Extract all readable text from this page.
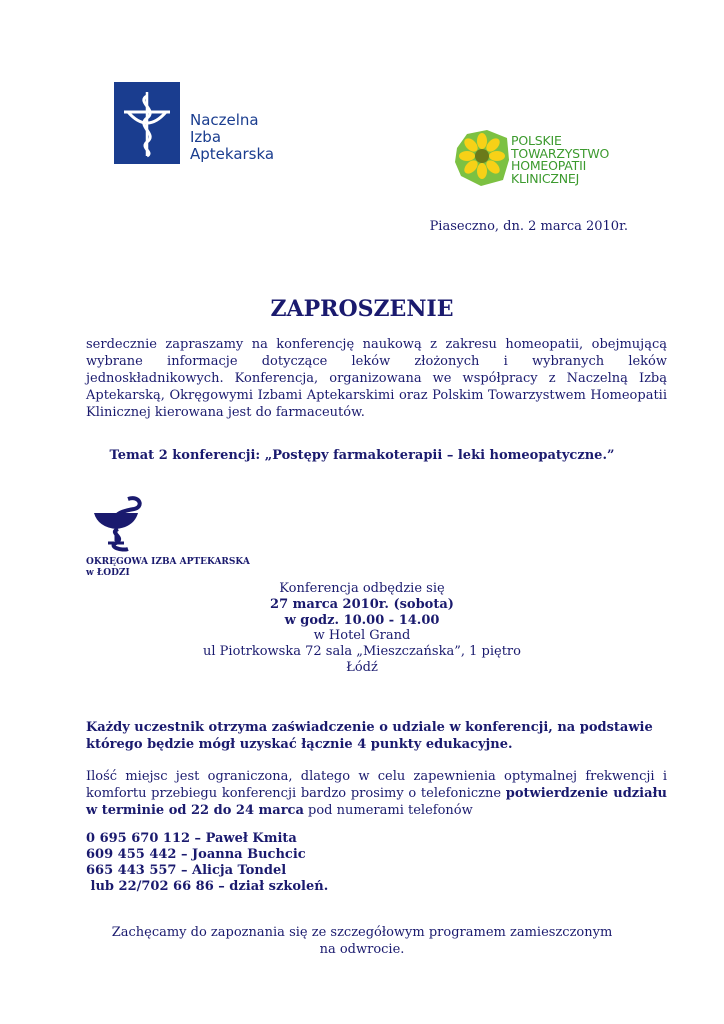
Naczelna
Izba
Aptekarska
POLSKIE
TOWARZYSTWO
HOMEOPATII
KLINICZNEJ
Piaseczno, dn. 2 marca 2010r.
ZAPROSZENIE
serdecznie zapraszamy na konferencję naukową z zakresu homeopatii, obejmującą wybrane informacje dotyczące leków złożonych i wybranych leków jednoskładnikowych. Konferencja, organizowana we współpracy z Naczelną Izbą Aptekarską, Okręgowymi Izbami Aptekarskimi oraz Polskim Towarzystwem Homeopatii Klinicznej kierowana jest do farmaceutów.
Temat 2 konferencji: „Postępy farmakoterapii – leki homeopatyczne.”
OKRĘGOWA IZBA APTEKARSKA
w ŁODZI
Konferencja odbędzie się
27 marca 2010r. (sobota)
w godz. 10.00 - 14.00
w Hotel Grand
ul Piotrkowska 72 sala „Mieszczańska”, 1 piętro
Łódź
Każdy uczestnik otrzyma zaświadczenie o udziale w konferencji, na podstawie którego będzie mógł uzyskać łącznie 4 punkty edukacyjne.
Ilość miejsc jest ograniczona, dlatego w celu zapewnienia optymalnej frekwencji i komfortu przebiegu konferencji bardzo prosimy o telefoniczne potwierdzenie udziału w terminie od 22 do 24 marca pod numerami telefonów
0 695 670 112 – Paweł Kmita
609 455 442 – Joanna Buchcic
665 443 557 – Alicja Tondel
lub 22/702 66 86 – dział szkoleń.
Zachęcamy do zapoznania się ze szczegółowym programem zamieszczonym
na odwrocie.
